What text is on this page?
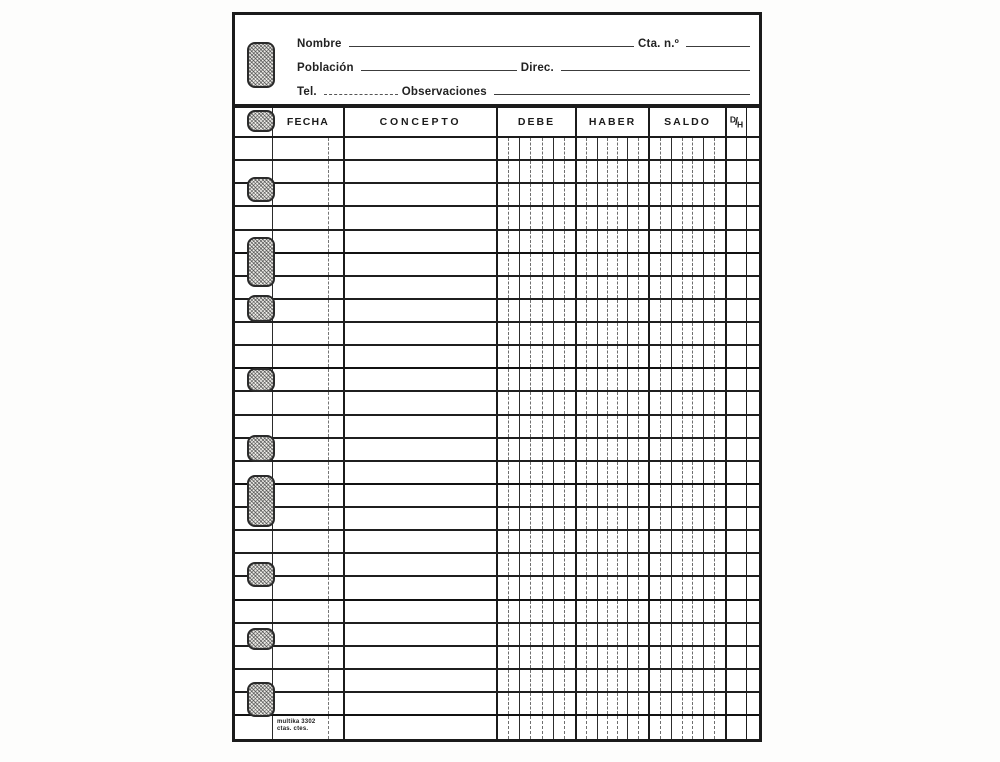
Nombre	Cta. n.º
Población	Direc.
Tel.	Observaciones
FECHA	CONCEPTO	DEBE	HABER	SALDO	D / H
multika 3302
ctas. ctes.
